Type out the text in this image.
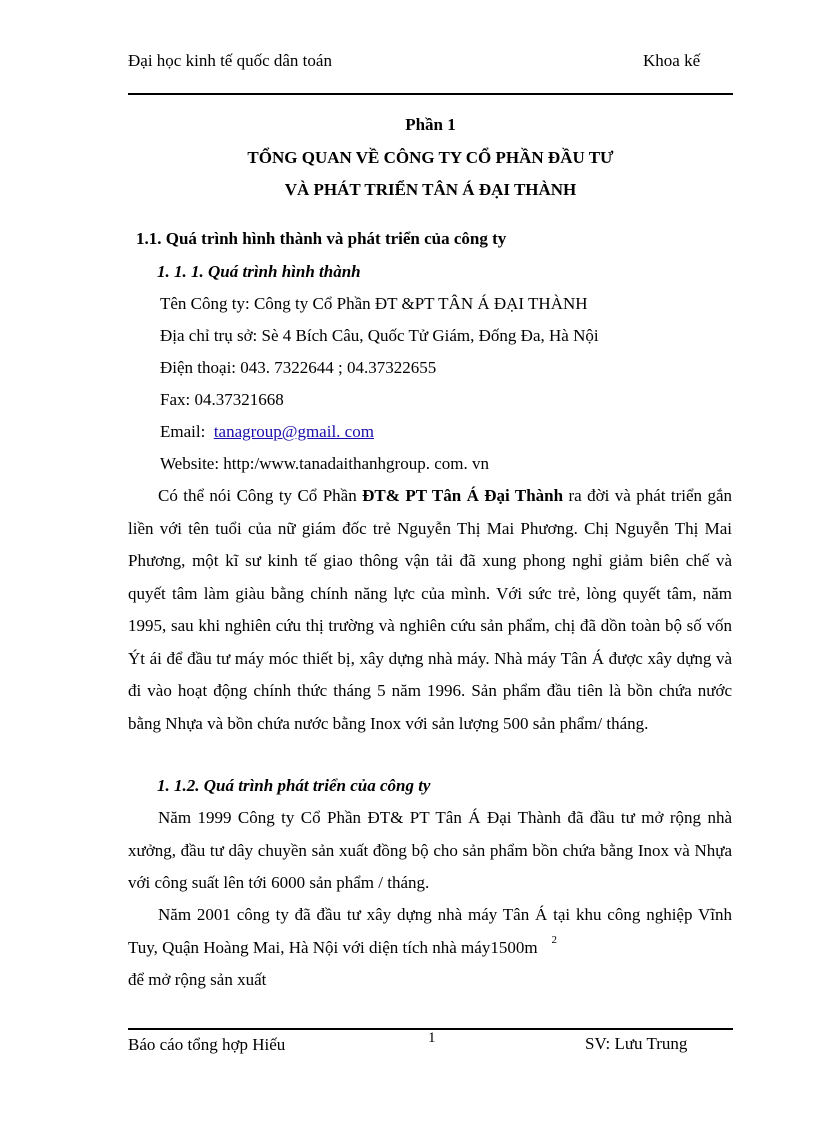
Đại học kinh tế quốc dân toán	Khoa kế
Phần 1
TỔNG QUAN VỀ CÔNG TY CỔ PHẦN ĐẦU TƯ
VÀ PHÁT TRIỂN TÂN Á ĐẠI THÀNH
1.1. Quá trình hình thành và phát triển của công ty
1. 1. 1. Quá trình hình thành
Tên Công ty: Công ty Cổ Phần ĐT &PT TÂN Á ĐẠI THÀNH
Địa chỉ trụ sở: Sè 4 Bích Câu, Quốc Tử Giám, Đống Đa, Hà Nội
Điện thoại: 043. 7322644 ; 04.37322655
Fax: 04.37321668
Email: tanagroup@gmail. com
Website: http:/www.tanadaithanhgroup. com. vn

Có thể nói Công ty Cổ Phần ĐT& PT Tân Á Đại Thành ra đời và phát triển gắn liền với tên tuổi của nữ giám đốc trẻ Nguyễn Thị Mai Phương. Chị Nguyễn Thị Mai Phương, một kĩ sư kinh tế giao thông vận tải đã xung phong nghỉ giảm biên chế và quyết tâm làm giàu bằng chính năng lực của mình. Với sức trẻ, lòng quyết tâm, năm 1995, sau khi nghiên cứu thị trường và nghiên cứu sản phẩm, chị đã dồn toàn bộ số vốn Ýt ái để đầu tư máy móc thiết bị, xây dựng nhà máy. Nhà máy Tân Á được xây dựng và đi vào hoạt động chính thức tháng 5 năm 1996. Sản phẩm đầu tiên là bồn chứa nước bằng Nhựa và bồn chứa nước bằng Inox với sản lượng 500 sản phẩm/ tháng.

1. 1.2. Quá trình phát triển của công ty

Năm 1999 Công ty Cổ Phần ĐT& PT Tân Á Đại Thành đã đầu tư mở rộng nhà xưởng, đầu tư dây chuyền sản xuất đồng bộ cho sản phẩm bồn chứa bằng Inox và Nhựa với công suất lên tới 6000 sản phẩm / tháng.

Năm 2001 công ty đã đầu tư xây dựng nhà máy Tân Á tại khu công nghiệp Vĩnh Tuy, Quận Hoàng Mai, Hà Nội với diện tích nhà máy1500m $^2$

để mở rộng sản xuất
Báo cáo tổng hợp Hiếu	1	SV: Lưu Trung
